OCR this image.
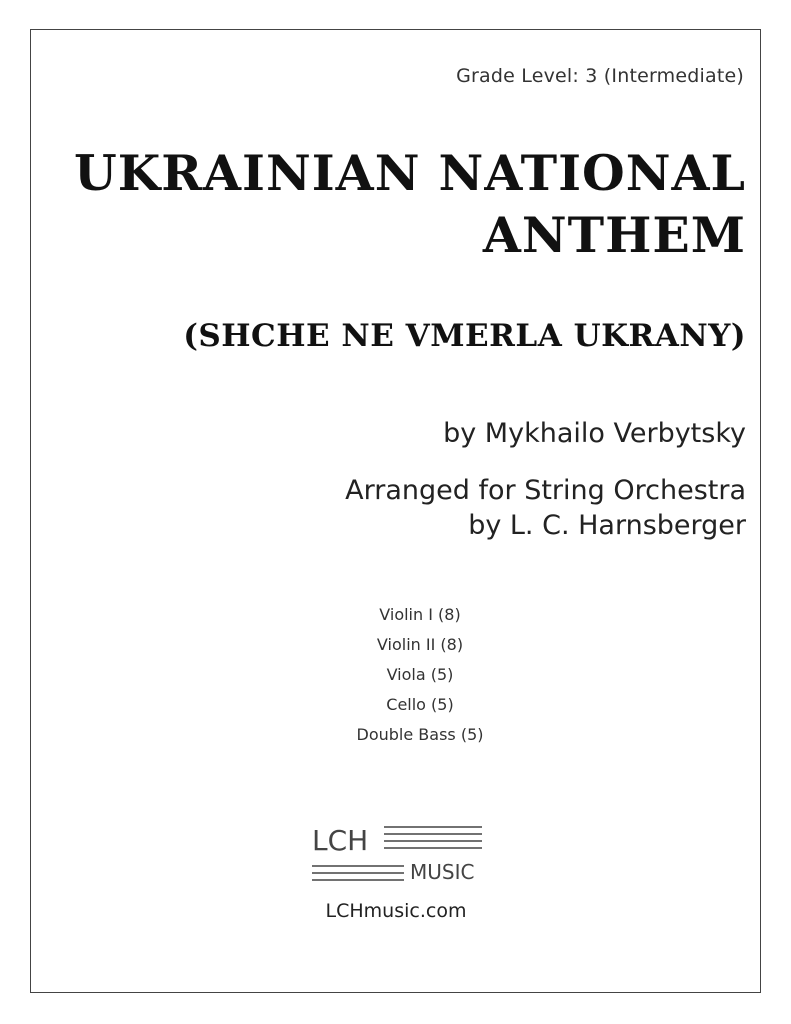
Grade Level: 3 (Intermediate)
UKRAINIAN NATIONAL
ANTHEM
(SHCHE NE VMERLA UKRANY)
by Mykhailo Verbytsky
Arranged for String Orchestra
by L. C. Harnsberger
Violin I (8)
Violin II (8)
Viola (5)
Cello (5)
Double Bass (5)
LCH
MUSIC
LCHmusic.com
